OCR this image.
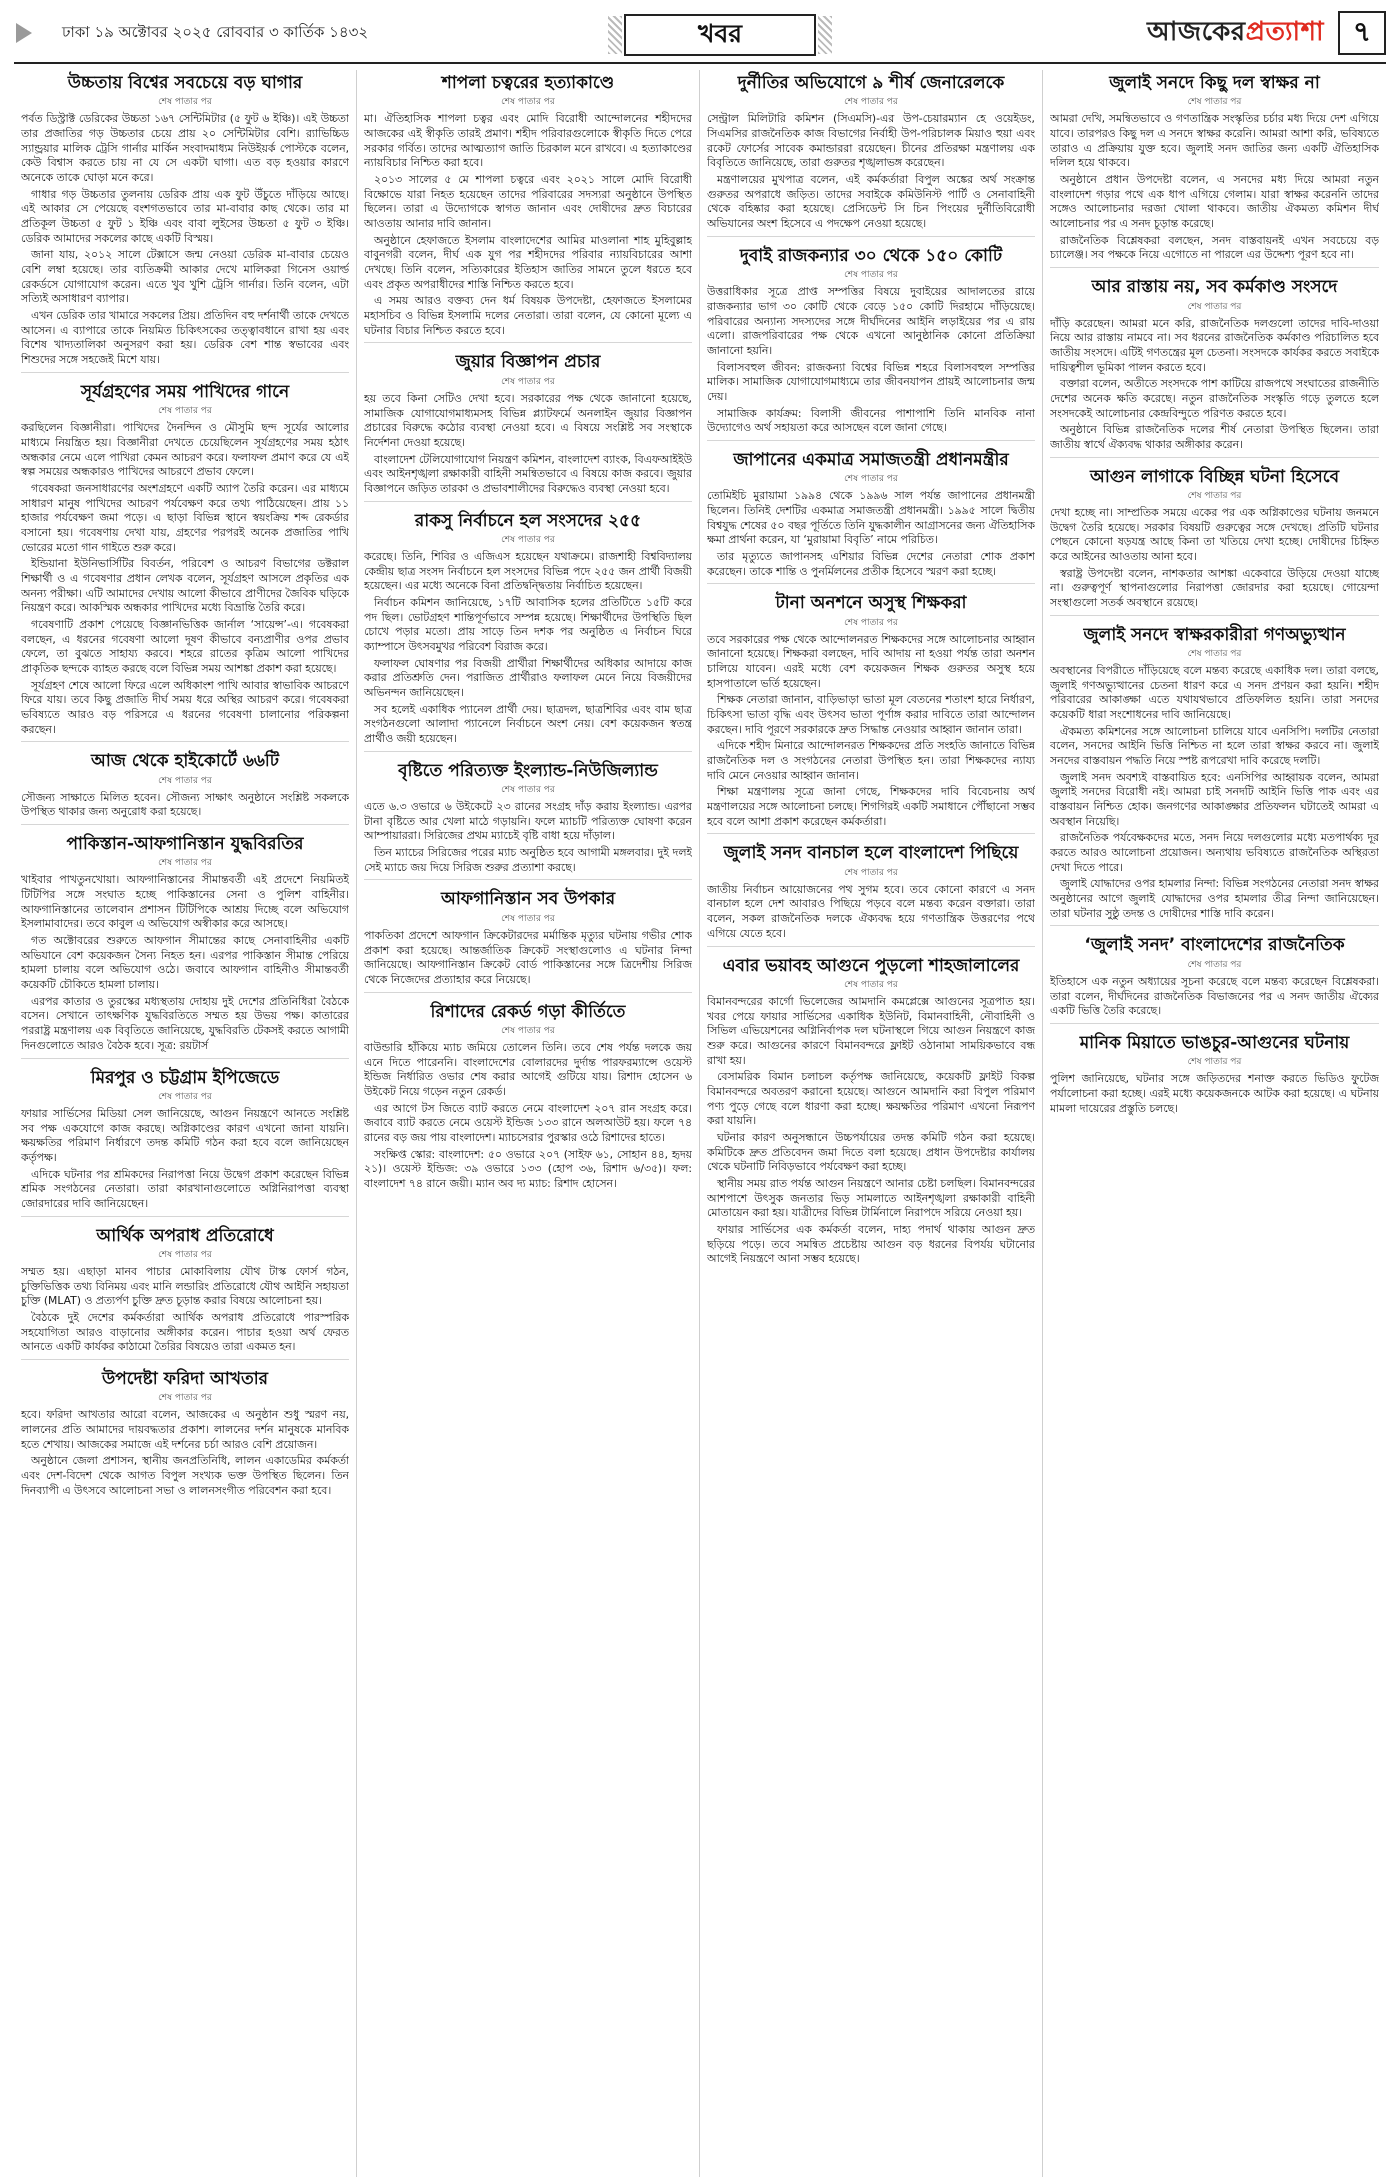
ঢাকা ১৯ অক্টোবর ২০২৫ রোববার ৩ কার্তিক ১৪৩২	খবর	আজকেরপ্রত্যাশা	৭
উচ্চতায় বিশ্বের সবচেয়ে বড় ঘাগার
শেষ পাতার পর

পর্বত ডিস্ট্রাক্ট ডেরিকের উচ্চতা ১৬৭ সেন্টিমিটার (৫ ফুট ৬ ইঞ্চি)। এই উচ্চতা তার প্রজাতির গড় উচ্চতার চেয়ে প্রায় ২০ সেন্টিমিটার বেশি। র‌্যাভিচ্চিড স্যান্ড্রয়ার মালিক ট্রেসি গার্নার মার্কিন সংবাদমাধ্যম নিউইয়র্ক পোস্টকে বলেন, কেউ বিশ্বাস করতে চায় না যে সে একটা ঘাগা। এত বড় হওয়ার কারণে অনেকে তাকে ঘোড়া মনে করে।

গাধার গড় উচ্চতার তুলনায় ডেরিক প্রায় এক ফুট উঁচুতে দাঁড়িয়ে আছে। এই আকার সে পেয়েছে বংশগতভাবে তার মা-বাবার কাছ থেকে। তার মা প্রতিকূল উচ্চতা ৫ ফুট ১ ইঞ্চি এবং বাবা লুইসের উচ্চতা ৫ ফুট ৩ ইঞ্চি। ডেরিক আমাদের সকলের কাছে একটি বিস্ময়।

জানা যায়, ২০১২ সালে টেক্সাসে জন্ম নেওয়া ডেরিক মা-বাবার চেয়েও বেশি লম্বা হয়েছে। তার ব্যতিক্রমী আকার দেখে মালিকরা গিনেস ওয়ার্ল্ড রেকর্ডসে যোগাযোগ করেন। এতে খুব খুশি ট্রেসি গার্নার। তিনি বলেন, এটা সত্যিই অসাধারণ ব্যাপার।

এখন ডেরিক তার খামারে সকলের প্রিয়। প্রতিদিন বহু দর্শনার্থী তাকে দেখতে আসেন। এ ব্যাপারে তাকে নিয়মিত চিকিৎসকের তত্ত্বাবধানে রাখা হয় এবং বিশেষ খাদ্যতালিকা অনুসরণ করা হয়। ডেরিক বেশ শান্ত স্বভাবের এবং শিশুদের সঙ্গে সহজেই মিশে যায়।

সূর্যগ্রহণের সময় পাখিদের গানে
শেষ পাতার পর

করছিলেন বিজ্ঞানীরা। পাখিদের দৈনন্দিন ও মৌসুমি ছন্দ সূর্যের আলোর মাধ্যমে নিয়ন্ত্রিত হয়। বিজ্ঞানীরা দেখতে চেয়েছিলেন সূর্যগ্রহণের সময় হঠাৎ অন্ধকার নেমে এলে পাখিরা কেমন আচরণ করে। ফলাফল প্রমাণ করে যে এই স্বল্প সময়ের অন্ধকারও পাখিদের আচরণে প্রভাব ফেলে।

গবেষকরা জনসাধারণের অংশগ্রহণে একটি অ্যাপ তৈরি করেন। এর মাধ্যমে সাধারণ মানুষ পাখিদের আচরণ পর্যবেক্ষণ করে তথ্য পাঠিয়েছেন। প্রায় ১১ হাজার পর্যবেক্ষণ জমা পড়ে। এ ছাড়া বিভিন্ন স্থানে স্বয়ংক্রিয় শব্দ রেকর্ডার বসানো হয়। গবেষণায় দেখা যায়, গ্রহণের পরপরই অনেক প্রজাতির পাখি ভোরের মতো গান গাইতে শুরু করে।

ইন্ডিয়ানা ইউনিভার্সিটির বিবর্তন, পরিবেশ ও আচরণ বিভাগের ডক্টরাল শিক্ষার্থী ও এ গবেষণার প্রধান লেখক বলেন, সূর্যগ্রহণ আসলে প্রকৃতির এক অনন্য পরীক্ষা। এটি আমাদের দেখায় আলো কীভাবে প্রাণীদের জৈবিক ঘড়িকে নিয়ন্ত্রণ করে। আকস্মিক অন্ধকার পাখিদের মধ্যে বিভ্রান্তি তৈরি করে।

গবেষণাটি প্রকাশ পেয়েছে বিজ্ঞানভিত্তিক জার্নাল ‘সায়েন্স’-এ। গবেষকরা বলছেন, এ ধরনের গবেষণা আলো দূষণ কীভাবে বন্যপ্রাণীর ওপর প্রভাব ফেলে, তা বুঝতে সাহায্য করবে। শহরে রাতের কৃত্রিম আলো পাখিদের প্রাকৃতিক ছন্দকে ব্যাহত করছে বলে বিভিন্ন সময় আশঙ্কা প্রকাশ করা হয়েছে।

সূর্যগ্রহণ শেষে আলো ফিরে এলে অধিকাংশ পাখি আবার স্বাভাবিক আচরণে ফিরে যায়। তবে কিছু প্রজাতি দীর্ঘ সময় ধরে অস্থির আচরণ করে। গবেষকরা ভবিষ্যতে আরও বড় পরিসরে এ ধরনের গবেষণা চালানোর পরিকল্পনা করছেন।

আজ থেকে হাইকোর্টে ৬৬টি
শেষ পাতার পর

সৌজন্য সাক্ষাতে মিলিত হবেন। সৌজন্য সাক্ষাৎ অনুষ্ঠানে সংশ্লিষ্ট সকলকে উপস্থিত থাকার জন্য অনুরোধ করা হয়েছে।

পাকিস্তান-আফগানিস্তান যুদ্ধবিরতির
শেষ পাতার পর

খাইবার পাখতুনখোয়া। আফগানিস্তানের সীমান্তবর্তী এই প্রদেশে নিয়মিতই টিটিপির সঙ্গে সংঘাত হচ্ছে পাকিস্তানের সেনা ও পুলিশ বাহিনীর। আফগানিস্তানের তালেবান প্রশাসন টিটিপিকে আশ্রয় দিচ্ছে বলে অভিযোগ ইসলামাবাদের। তবে কাবুল এ অভিযোগ অস্বীকার করে আসছে।

গত অক্টোবরের শুরুতে আফগান সীমান্তের কাছে সেনাবাহিনীর একটি অভিযানে বেশ কয়েকজন সৈন্য নিহত হন। এরপর পাকিস্তান সীমান্ত পেরিয়ে হামলা চালায় বলে অভিযোগ ওঠে। জবাবে আফগান বাহিনীও সীমান্তবর্তী কয়েকটি চৌকিতে হামলা চালায়।

এরপর কাতার ও তুরস্কের মধ্যস্থতায় দোহায় দুই দেশের প্রতিনিধিরা বৈঠকে বসেন। সেখানে তাৎক্ষণিক যুদ্ধবিরতিতে সম্মত হয় উভয় পক্ষ। কাতারের পররাষ্ট্র মন্ত্রণালয় এক বিবৃতিতে জানিয়েছে, যুদ্ধবিরতি টেকসই করতে আগামী দিনগুলোতে আরও বৈঠক হবে। সূত্র: রয়টার্স

মিরপুর ও চট্টগ্রাম ইপিজেডে
শেষ পাতার পর

ফায়ার সার্ভিসের মিডিয়া সেল জানিয়েছে, আগুন নিয়ন্ত্রণে আনতে সংশ্লিষ্ট সব পক্ষ একযোগে কাজ করছে। অগ্নিকাণ্ডের কারণ এখনো জানা যায়নি। ক্ষয়ক্ষতির পরিমাণ নির্ধারণে তদন্ত কমিটি গঠন করা হবে বলে জানিয়েছেন কর্তৃপক্ষ।

এদিকে ঘটনার পর শ্রমিকদের নিরাপত্তা নিয়ে উদ্বেগ প্রকাশ করেছেন বিভিন্ন শ্রমিক সংগঠনের নেতারা। তারা কারখানাগুলোতে অগ্নিনিরাপত্তা ব্যবস্থা জোরদারের দাবি জানিয়েছেন।

আর্থিক অপরাধ প্রতিরোধে
শেষ পাতার পর

সম্মত হয়। এছাড়া মানব পাচার মোকাবিলায় যৌথ টাস্ক ফোর্স গঠন, চুক্তিভিত্তিক তথ্য বিনিময় এবং মানি লন্ডারিং প্রতিরোধে যৌথ আইনি সহায়তা চুক্তি (MLAT) ও প্রত্যর্পণ চুক্তি দ্রুত চূড়ান্ত করার বিষয়ে আলোচনা হয়।

বৈঠকে দুই দেশের কর্মকর্তারা আর্থিক অপরাধ প্রতিরোধে পারস্পরিক সহযোগিতা আরও বাড়ানোর অঙ্গীকার করেন। পাচার হওয়া অর্থ ফেরত আনতে একটি কার্যকর কাঠামো তৈরির বিষয়েও তারা একমত হন।

উপদেষ্টা ফরিদা আখতার
শেষ পাতার পর

হবে। ফরিদা আখতার আরো বলেন, আজকের এ অনুষ্ঠান শুধু স্মরণ নয়, লালনের প্রতি আমাদের দায়বদ্ধতার প্রকাশ। লালনের দর্শন মানুষকে মানবিক হতে শেখায়। আজকের সমাজে এই দর্শনের চর্চা আরও বেশি প্রয়োজন।

অনুষ্ঠানে জেলা প্রশাসন, স্থানীয় জনপ্রতিনিধি, লালন একাডেমির কর্মকর্তা এবং দেশ-বিদেশ থেকে আগত বিপুল সংখ্যক ভক্ত উপস্থিত ছিলেন। তিন দিনব্যাপী এ উৎসবে আলোচনা সভা ও লালনসংগীত পরিবেশন করা হবে।

শাপলা চত্বরের হত্যাকাণ্ডে
শেষ পাতার পর

মা। ঐতিহাসিক শাপলা চত্বর এবং মোদি বিরোধী আন্দোলনের শহীদদের আজকের এই স্বীকৃতি তারই প্রমাণ। শহীদ পরিবারগুলোকে স্বীকৃতি দিতে পেরে সরকার গর্বিত। তাদের আত্মত্যাগ জাতি চিরকাল মনে রাখবে। এ হত্যাকাণ্ডের ন্যায়বিচার নিশ্চিত করা হবে।

২০১৩ সালের ৫ মে শাপলা চত্বরে এবং ২০২১ সালে মোদি বিরোধী বিক্ষোভে যারা নিহত হয়েছেন তাদের পরিবারের সদস্যরা অনুষ্ঠানে উপস্থিত ছিলেন। তারা এ উদ্যোগকে স্বাগত জানান এবং দোষীদের দ্রুত বিচারের আওতায় আনার দাবি জানান।

অনুষ্ঠানে হেফাজতে ইসলাম বাংলাদেশের আমির মাওলানা শাহ মুহিবুল্লাহ বাবুনগরী বলেন, দীর্ঘ এক যুগ পর শহীদদের পরিবার ন্যায়বিচারের আশা দেখছে। তিনি বলেন, সত্যিকারের ইতিহাস জাতির সামনে তুলে ধরতে হবে এবং প্রকৃত অপরাধীদের শাস্তি নিশ্চিত করতে হবে।

এ সময় আরও বক্তব্য দেন ধর্ম বিষয়ক উপদেষ্টা, হেফাজতে ইসলামের মহাসচিব ও বিভিন্ন ইসলামি দলের নেতারা। তারা বলেন, যে কোনো মূল্যে এ ঘটনার বিচার নিশ্চিত করতে হবে।

জুয়ার বিজ্ঞাপন প্রচার
শেষ পাতার পর

হয় তবে কিনা সেটিও দেখা হবে। সরকারের পক্ষ থেকে জানানো হয়েছে, সামাজিক যোগাযোগমাধ্যমসহ বিভিন্ন প্ল্যাটফর্মে অনলাইন জুয়ার বিজ্ঞাপন প্রচারের বিরুদ্ধে কঠোর ব্যবস্থা নেওয়া হবে। এ বিষয়ে সংশ্লিষ্ট সব সংস্থাকে নির্দেশনা দেওয়া হয়েছে।

বাংলাদেশ টেলিযোগাযোগ নিয়ন্ত্রণ কমিশন, বাংলাদেশ ব্যাংক, বিএফআইইউ এবং আইনশৃঙ্খলা রক্ষাকারী বাহিনী সমন্বিতভাবে এ বিষয়ে কাজ করবে। জুয়ার বিজ্ঞাপনে জড়িত তারকা ও প্রভাবশালীদের বিরুদ্ধেও ব্যবস্থা নেওয়া হবে।

রাকসু নির্বাচনে হল সংসদের ২৫৫
শেষ পাতার পর

করেছে। তিনি, শিবির ও এজিএস হয়েছেন যথাক্রমে। রাজশাহী বিশ্ববিদ্যালয় কেন্দ্রীয় ছাত্র সংসদ নির্বাচনে হল সংসদের বিভিন্ন পদে ২৫৫ জন প্রার্থী বিজয়ী হয়েছেন। এর মধ্যে অনেকে বিনা প্রতিদ্বন্দ্বিতায় নির্বাচিত হয়েছেন।

নির্বাচন কমিশন জানিয়েছে, ১৭টি আবাসিক হলের প্রতিটিতে ১৫টি করে পদ ছিল। ভোটগ্রহণ শান্তিপূর্ণভাবে সম্পন্ন হয়েছে। শিক্ষার্থীদের উপস্থিতি ছিল চোখে পড়ার মতো। প্রায় সাড়ে তিন দশক পর অনুষ্ঠিত এ নির্বাচন ঘিরে ক্যাম্পাসে উৎসবমুখর পরিবেশ বিরাজ করে।

ফলাফল ঘোষণার পর বিজয়ী প্রার্থীরা শিক্ষার্থীদের অধিকার আদায়ে কাজ করার প্রতিশ্রুতি দেন। পরাজিত প্রার্থীরাও ফলাফল মেনে নিয়ে বিজয়ীদের অভিনন্দন জানিয়েছেন।

সব হলেই একাধিক প্যানেল প্রার্থী দেয়। ছাত্রদল, ছাত্রশিবির এবং বাম ছাত্র সংগঠনগুলো আলাদা প্যানেলে নির্বাচনে অংশ নেয়। বেশ কয়েকজন স্বতন্ত্র প্রার্থীও জয়ী হয়েছেন।

বৃষ্টিতে পরিত্যক্ত ইংল্যান্ড-নিউজিল্যান্ড
শেষ পাতার পর

এতে ৬.৩ ওভারে ৬ উইকেটে ২৩ রানের সংগ্রহ দাঁড় করায় ইংল্যান্ড। এরপর টানা বৃষ্টিতে আর খেলা মাঠে গড়ায়নি। ফলে ম্যাচটি পরিত্যক্ত ঘোষণা করেন আম্পায়াররা। সিরিজের প্রথম ম্যাচেই বৃষ্টি বাধা হয়ে দাঁড়াল।

তিন ম্যাচের সিরিজের পরের ম্যাচ অনুষ্ঠিত হবে আগামী মঙ্গলবার। দুই দলই সেই ম্যাচে জয় দিয়ে সিরিজ শুরুর প্রত্যাশা করছে।

আফগানিস্তান সব উপকার
শেষ পাতার পর

পাকতিকা প্রদেশে আফগান ক্রিকেটারদের মর্মান্তিক মৃত্যুর ঘটনায় গভীর শোক প্রকাশ করা হয়েছে। আন্তর্জাতিক ক্রিকেট সংস্থাগুলোও এ ঘটনার নিন্দা জানিয়েছে। আফগানিস্তান ক্রিকেট বোর্ড পাকিস্তানের সঙ্গে ত্রিদেশীয় সিরিজ থেকে নিজেদের প্রত্যাহার করে নিয়েছে।

রিশাদের রেকর্ড গড়া কীর্তিতে
শেষ পাতার পর

বাউন্ডারি হাঁকিয়ে ম্যাচ জমিয়ে তোলেন তিনি। তবে শেষ পর্যন্ত দলকে জয় এনে দিতে পারেননি। বাংলাদেশের বোলারদের দুর্দান্ত পারফরম্যান্সে ওয়েস্ট ইন্ডিজ নির্ধারিত ওভার শেষ করার আগেই গুটিয়ে যায়। রিশাদ হোসেন ৬ উইকেট নিয়ে গড়েন নতুন রেকর্ড।

এর আগে টস জিতে ব্যাট করতে নেমে বাংলাদেশ ২০৭ রান সংগ্রহ করে। জবাবে ব্যাট করতে নেমে ওয়েস্ট ইন্ডিজ ১৩৩ রানে অলআউট হয়। ফলে ৭৪ রানের বড় জয় পায় বাংলাদেশ। ম্যাচসেরার পুরস্কার ওঠে রিশাদের হাতে।

সংক্ষিপ্ত স্কোর: বাংলাদেশ: ৫০ ওভারে ২০৭ (সাইফ ৬১, সোহান ৪৪, হৃদয় ২১)। ওয়েস্ট ইন্ডিজ: ৩৯ ওভারে ১৩৩ (হোপ ৩৬, রিশাদ ৬/৩৫)। ফল: বাংলাদেশ ৭৪ রানে জয়ী। ম্যান অব দ্য ম্যাচ: রিশাদ হোসেন।

দুর্নীতির অভিযোগে ৯ শীর্ষ জেনারেলকে
শেষ পাতার পর

সেন্ট্রাল মিলিটারি কমিশন (সিএমসি)-এর উপ-চেয়ারম্যান হে ওয়েইডং, সিএমসির রাজনৈতিক কাজ বিভাগের নির্বাহী উপ-পরিচালক মিয়াও হুয়া এবং রকেট ফোর্সের সাবেক কমান্ডাররা রয়েছেন। চীনের প্রতিরক্ষা মন্ত্রণালয় এক বিবৃতিতে জানিয়েছে, তারা গুরুতর শৃঙ্খলাভঙ্গ করেছেন।

মন্ত্রণালয়ের মুখপাত্র বলেন, এই কর্মকর্তারা বিপুল অঙ্কের অর্থ সংক্রান্ত গুরুতর অপরাধে জড়িত। তাদের সবাইকে কমিউনিস্ট পার্টি ও সেনাবাহিনী থেকে বহিষ্কার করা হয়েছে। প্রেসিডেন্ট সি চিন পিংয়ের দুর্নীতিবিরোধী অভিযানের অংশ হিসেবে এ পদক্ষেপ নেওয়া হয়েছে।

দুবাই রাজকন্যার ৩০ থেকে ১৫০ কোটি
শেষ পাতার পর

উত্তরাধিকার সূত্রে প্রাপ্ত সম্পত্তির বিষয়ে দুবাইয়ের আদালতের রায়ে রাজকন্যার ভাগ ৩০ কোটি থেকে বেড়ে ১৫০ কোটি দিরহামে দাঁড়িয়েছে। পরিবারের অন্যান্য সদস্যদের সঙ্গে দীর্ঘদিনের আইনি লড়াইয়ের পর এ রায় এলো। রাজপরিবারের পক্ষ থেকে এখনো আনুষ্ঠানিক কোনো প্রতিক্রিয়া জানানো হয়নি।

বিলাসবহুল জীবন: রাজকন্যা বিশ্বের বিভিন্ন শহরে বিলাসবহুল সম্পত্তির মালিক। সামাজিক যোগাযোগমাধ্যমে তার জীবনযাপন প্রায়ই আলোচনার জন্ম দেয়।

সামাজিক কার্যক্রম: বিলাসী জীবনের পাশাপাশি তিনি মানবিক নানা উদ্যোগেও অর্থ সহায়তা করে আসছেন বলে জানা গেছে।

জাপানের একমাত্র সমাজতন্ত্রী প্রধানমন্ত্রীর
শেষ পাতার পর

তোমিইচি মুরায়ামা ১৯৯৪ থেকে ১৯৯৬ সাল পর্যন্ত জাপানের প্রধানমন্ত্রী ছিলেন। তিনিই দেশটির একমাত্র সমাজতন্ত্রী প্রধানমন্ত্রী। ১৯৯৫ সালে দ্বিতীয় বিশ্বযুদ্ধ শেষের ৫০ বছর পূর্তিতে তিনি যুদ্ধকালীন আগ্রাসনের জন্য ঐতিহাসিক ক্ষমা প্রার্থনা করেন, যা ‘মুরায়ামা বিবৃতি’ নামে পরিচিত।

তার মৃত্যুতে জাপানসহ এশিয়ার বিভিন্ন দেশের নেতারা শোক প্রকাশ করেছেন। তাকে শান্তি ও পুনর্মিলনের প্রতীক হিসেবে স্মরণ করা হচ্ছে।

টানা অনশনে অসুস্থ শিক্ষকরা
শেষ পাতার পর

তবে সরকারের পক্ষ থেকে আন্দোলনরত শিক্ষকদের সঙ্গে আলোচনার আহ্বান জানানো হয়েছে। শিক্ষকরা বলছেন, দাবি আদায় না হওয়া পর্যন্ত তারা অনশন চালিয়ে যাবেন। এরই মধ্যে বেশ কয়েকজন শিক্ষক গুরুতর অসুস্থ হয়ে হাসপাতালে ভর্তি হয়েছেন।

শিক্ষক নেতারা জানান, বাড়িভাড়া ভাতা মূল বেতনের শতাংশ হারে নির্ধারণ, চিকিৎসা ভাতা বৃদ্ধি এবং উৎসব ভাতা পূর্ণাঙ্গ করার দাবিতে তারা আন্দোলন করছেন। দাবি পূরণে সরকারকে দ্রুত সিদ্ধান্ত নেওয়ার আহ্বান জানান তারা।

এদিকে শহীদ মিনারে আন্দোলনরত শিক্ষকদের প্রতি সংহতি জানাতে বিভিন্ন রাজনৈতিক দল ও সংগঠনের নেতারা উপস্থিত হন। তারা শিক্ষকদের ন্যায্য দাবি মেনে নেওয়ার আহ্বান জানান।

শিক্ষা মন্ত্রণালয় সূত্রে জানা গেছে, শিক্ষকদের দাবি বিবেচনায় অর্থ মন্ত্রণালয়ের সঙ্গে আলোচনা চলছে। শিগগিরই একটি সমাধানে পৌঁছানো সম্ভব হবে বলে আশা প্রকাশ করেছেন কর্মকর্তারা।

জুলাই সনদ বানচাল হলে বাংলাদেশ পিছিয়ে
শেষ পাতার পর

জাতীয় নির্বাচন আয়োজনের পথ সুগম হবে। তবে কোনো কারণে এ সনদ বানচাল হলে দেশ আবারও পিছিয়ে পড়বে বলে মন্তব্য করেন বক্তারা। তারা বলেন, সকল রাজনৈতিক দলকে ঐক্যবদ্ধ হয়ে গণতান্ত্রিক উত্তরণের পথে এগিয়ে যেতে হবে।

এবার ভয়াবহ আগুনে পুড়লো শাহজালালের
শেষ পাতার পর

বিমানবন্দরের কার্গো ভিলেজের আমদানি কমপ্লেক্সে আগুনের সূত্রপাত হয়। খবর পেয়ে ফায়ার সার্ভিসের একাধিক ইউনিট, বিমানবাহিনী, নৌবাহিনী ও সিভিল এভিয়েশনের অগ্নিনির্বাপক দল ঘটনাস্থলে গিয়ে আগুন নিয়ন্ত্রণে কাজ শুরু করে। আগুনের কারণে বিমানবন্দরে ফ্লাইট ওঠানামা সাময়িকভাবে বন্ধ রাখা হয়।

বেসামরিক বিমান চলাচল কর্তৃপক্ষ জানিয়েছে, কয়েকটি ফ্লাইট বিকল্প বিমানবন্দরে অবতরণ করানো হয়েছে। আগুনে আমদানি করা বিপুল পরিমাণ পণ্য পুড়ে গেছে বলে ধারণা করা হচ্ছে। ক্ষয়ক্ষতির পরিমাণ এখনো নিরূপণ করা যায়নি।

ঘটনার কারণ অনুসন্ধানে উচ্চপর্যায়ের তদন্ত কমিটি গঠন করা হয়েছে। কমিটিকে দ্রুত প্রতিবেদন জমা দিতে বলা হয়েছে। প্রধান উপদেষ্টার কার্যালয় থেকে ঘটনাটি নিবিড়ভাবে পর্যবেক্ষণ করা হচ্ছে।

স্থানীয় সময় রাত পর্যন্ত আগুন নিয়ন্ত্রণে আনার চেষ্টা চলছিল। বিমানবন্দরের আশপাশে উৎসুক জনতার ভিড় সামলাতে আইনশৃঙ্খলা রক্ষাকারী বাহিনী মোতায়েন করা হয়। যাত্রীদের বিভিন্ন টার্মিনালে নিরাপদে সরিয়ে নেওয়া হয়।

ফায়ার সার্ভিসের এক কর্মকর্তা বলেন, দাহ্য পদার্থ থাকায় আগুন দ্রুত ছড়িয়ে পড়ে। তবে সমন্বিত প্রচেষ্টায় আগুন বড় ধরনের বিপর্যয় ঘটানোর আগেই নিয়ন্ত্রণে আনা সম্ভব হয়েছে।

জুলাই সনদে কিছু দল স্বাক্ষর না
শেষ পাতার পর

আমরা দেখি, সমন্বিতভাবে ও গণতান্ত্রিক সংস্কৃতির চর্চার মধ্য দিয়ে দেশ এগিয়ে যাবে। তারপরও কিছু দল এ সনদে স্বাক্ষর করেনি। আমরা আশা করি, ভবিষ্যতে তারাও এ প্রক্রিয়ায় যুক্ত হবে। জুলাই সনদ জাতির জন্য একটি ঐতিহাসিক দলিল হয়ে থাকবে।

অনুষ্ঠানে প্রধান উপদেষ্টা বলেন, এ সনদের মধ্য দিয়ে আমরা নতুন বাংলাদেশ গড়ার পথে এক ধাপ এগিয়ে গেলাম। যারা স্বাক্ষর করেননি তাদের সঙ্গেও আলোচনার দরজা খোলা থাকবে। জাতীয় ঐকমত্য কমিশন দীর্ঘ আলোচনার পর এ সনদ চূড়ান্ত করেছে।

রাজনৈতিক বিশ্লেষকরা বলছেন, সনদ বাস্তবায়নই এখন সবচেয়ে বড় চ্যালেঞ্জ। সব পক্ষকে নিয়ে এগোতে না পারলে এর উদ্দেশ্য পূরণ হবে না।

আর রাস্তায় নয়, সব কর্মকাণ্ড সংসদে
শেষ পাতার পর

দাঁড়ি করেছেন। আমরা মনে করি, রাজনৈতিক দলগুলো তাদের দাবি-দাওয়া নিয়ে আর রাস্তায় নামবে না। সব ধরনের রাজনৈতিক কর্মকাণ্ড পরিচালিত হবে জাতীয় সংসদে। এটিই গণতন্ত্রের মূল চেতনা। সংসদকে কার্যকর করতে সবাইকে দায়িত্বশীল ভূমিকা পালন করতে হবে।

বক্তারা বলেন, অতীতে সংসদকে পাশ কাটিয়ে রাজপথে সংঘাতের রাজনীতি দেশের অনেক ক্ষতি করেছে। নতুন রাজনৈতিক সংস্কৃতি গড়ে তুলতে হলে সংসদকেই আলোচনার কেন্দ্রবিন্দুতে পরিণত করতে হবে।

অনুষ্ঠানে বিভিন্ন রাজনৈতিক দলের শীর্ষ নেতারা উপস্থিত ছিলেন। তারা জাতীয় স্বার্থে ঐক্যবদ্ধ থাকার অঙ্গীকার করেন।

আগুন লাগাকে বিচ্ছিন্ন ঘটনা হিসেবে
শেষ পাতার পর

দেখা হচ্ছে না। সাম্প্রতিক সময়ে একের পর এক অগ্নিকাণ্ডের ঘটনায় জনমনে উদ্বেগ তৈরি হয়েছে। সরকার বিষয়টি গুরুত্বের সঙ্গে দেখছে। প্রতিটি ঘটনার পেছনে কোনো ষড়যন্ত্র আছে কিনা তা খতিয়ে দেখা হচ্ছে। দোষীদের চিহ্নিত করে আইনের আওতায় আনা হবে।

স্বরাষ্ট্র উপদেষ্টা বলেন, নাশকতার আশঙ্কা একেবারে উড়িয়ে দেওয়া যাচ্ছে না। গুরুত্বপূর্ণ স্থাপনাগুলোর নিরাপত্তা জোরদার করা হয়েছে। গোয়েন্দা সংস্থাগুলো সতর্ক অবস্থানে রয়েছে।

জুলাই সনদে স্বাক্ষরকারীরা গণঅভ্যুত্থান
শেষ পাতার পর

অবস্থানের বিপরীতে দাঁড়িয়েছে বলে মন্তব্য করেছে একাধিক দল। তারা বলছে, জুলাই গণঅভ্যুত্থানের চেতনা ধারণ করে এ সনদ প্রণয়ন করা হয়নি। শহীদ পরিবারের আকাঙ্ক্ষা এতে যথাযথভাবে প্রতিফলিত হয়নি। তারা সনদের কয়েকটি ধারা সংশোধনের দাবি জানিয়েছে।

ঐকমত্য কমিশনের সঙ্গে আলোচনা চালিয়ে যাবে এনসিপি। দলটির নেতারা বলেন, সনদের আইনি ভিত্তি নিশ্চিত না হলে তারা স্বাক্ষর করবে না। জুলাই সনদের বাস্তবায়ন পদ্ধতি নিয়ে স্পষ্ট রূপরেখা দাবি করেছে দলটি।

জুলাই সনদ অবশ্যই বাস্তবায়িত হবে: এনসিপির আহ্বায়ক বলেন, আমরা জুলাই সনদের বিরোধী নই। আমরা চাই সনদটি আইনি ভিত্তি পাক এবং এর বাস্তবায়ন নিশ্চিত হোক। জনগণের আকাঙ্ক্ষার প্রতিফলন ঘটাতেই আমরা এ অবস্থান নিয়েছি।

রাজনৈতিক পর্যবেক্ষকদের মতে, সনদ নিয়ে দলগুলোর মধ্যে মতপার্থক্য দূর করতে আরও আলোচনা প্রয়োজন। অন্যথায় ভবিষ্যতে রাজনৈতিক অস্থিরতা দেখা দিতে পারে।

জুলাই যোদ্ধাদের ওপর হামলার নিন্দা: বিভিন্ন সংগঠনের নেতারা সনদ স্বাক্ষর অনুষ্ঠানের আগে জুলাই যোদ্ধাদের ওপর হামলার তীব্র নিন্দা জানিয়েছেন। তারা ঘটনার সুষ্ঠু তদন্ত ও দোষীদের শাস্তি দাবি করেন।

‘জুলাই সনদ’ বাংলাদেশের রাজনৈতিক
শেষ পাতার পর

ইতিহাসে এক নতুন অধ্যায়ের সূচনা করেছে বলে মন্তব্য করেছেন বিশ্লেষকরা। তারা বলেন, দীর্ঘদিনের রাজনৈতিক বিভাজনের পর এ সনদ জাতীয় ঐক্যের একটি ভিত্তি তৈরি করেছে।

মানিক মিয়াতে ভাঙচুর-আগুনের ঘটনায়
শেষ পাতার পর

পুলিশ জানিয়েছে, ঘটনার সঙ্গে জড়িতদের শনাক্ত করতে ভিডিও ফুটেজ পর্যালোচনা করা হচ্ছে। এরই মধ্যে কয়েকজনকে আটক করা হয়েছে। এ ঘটনায় মামলা দায়েরের প্রস্তুতি চলছে।
